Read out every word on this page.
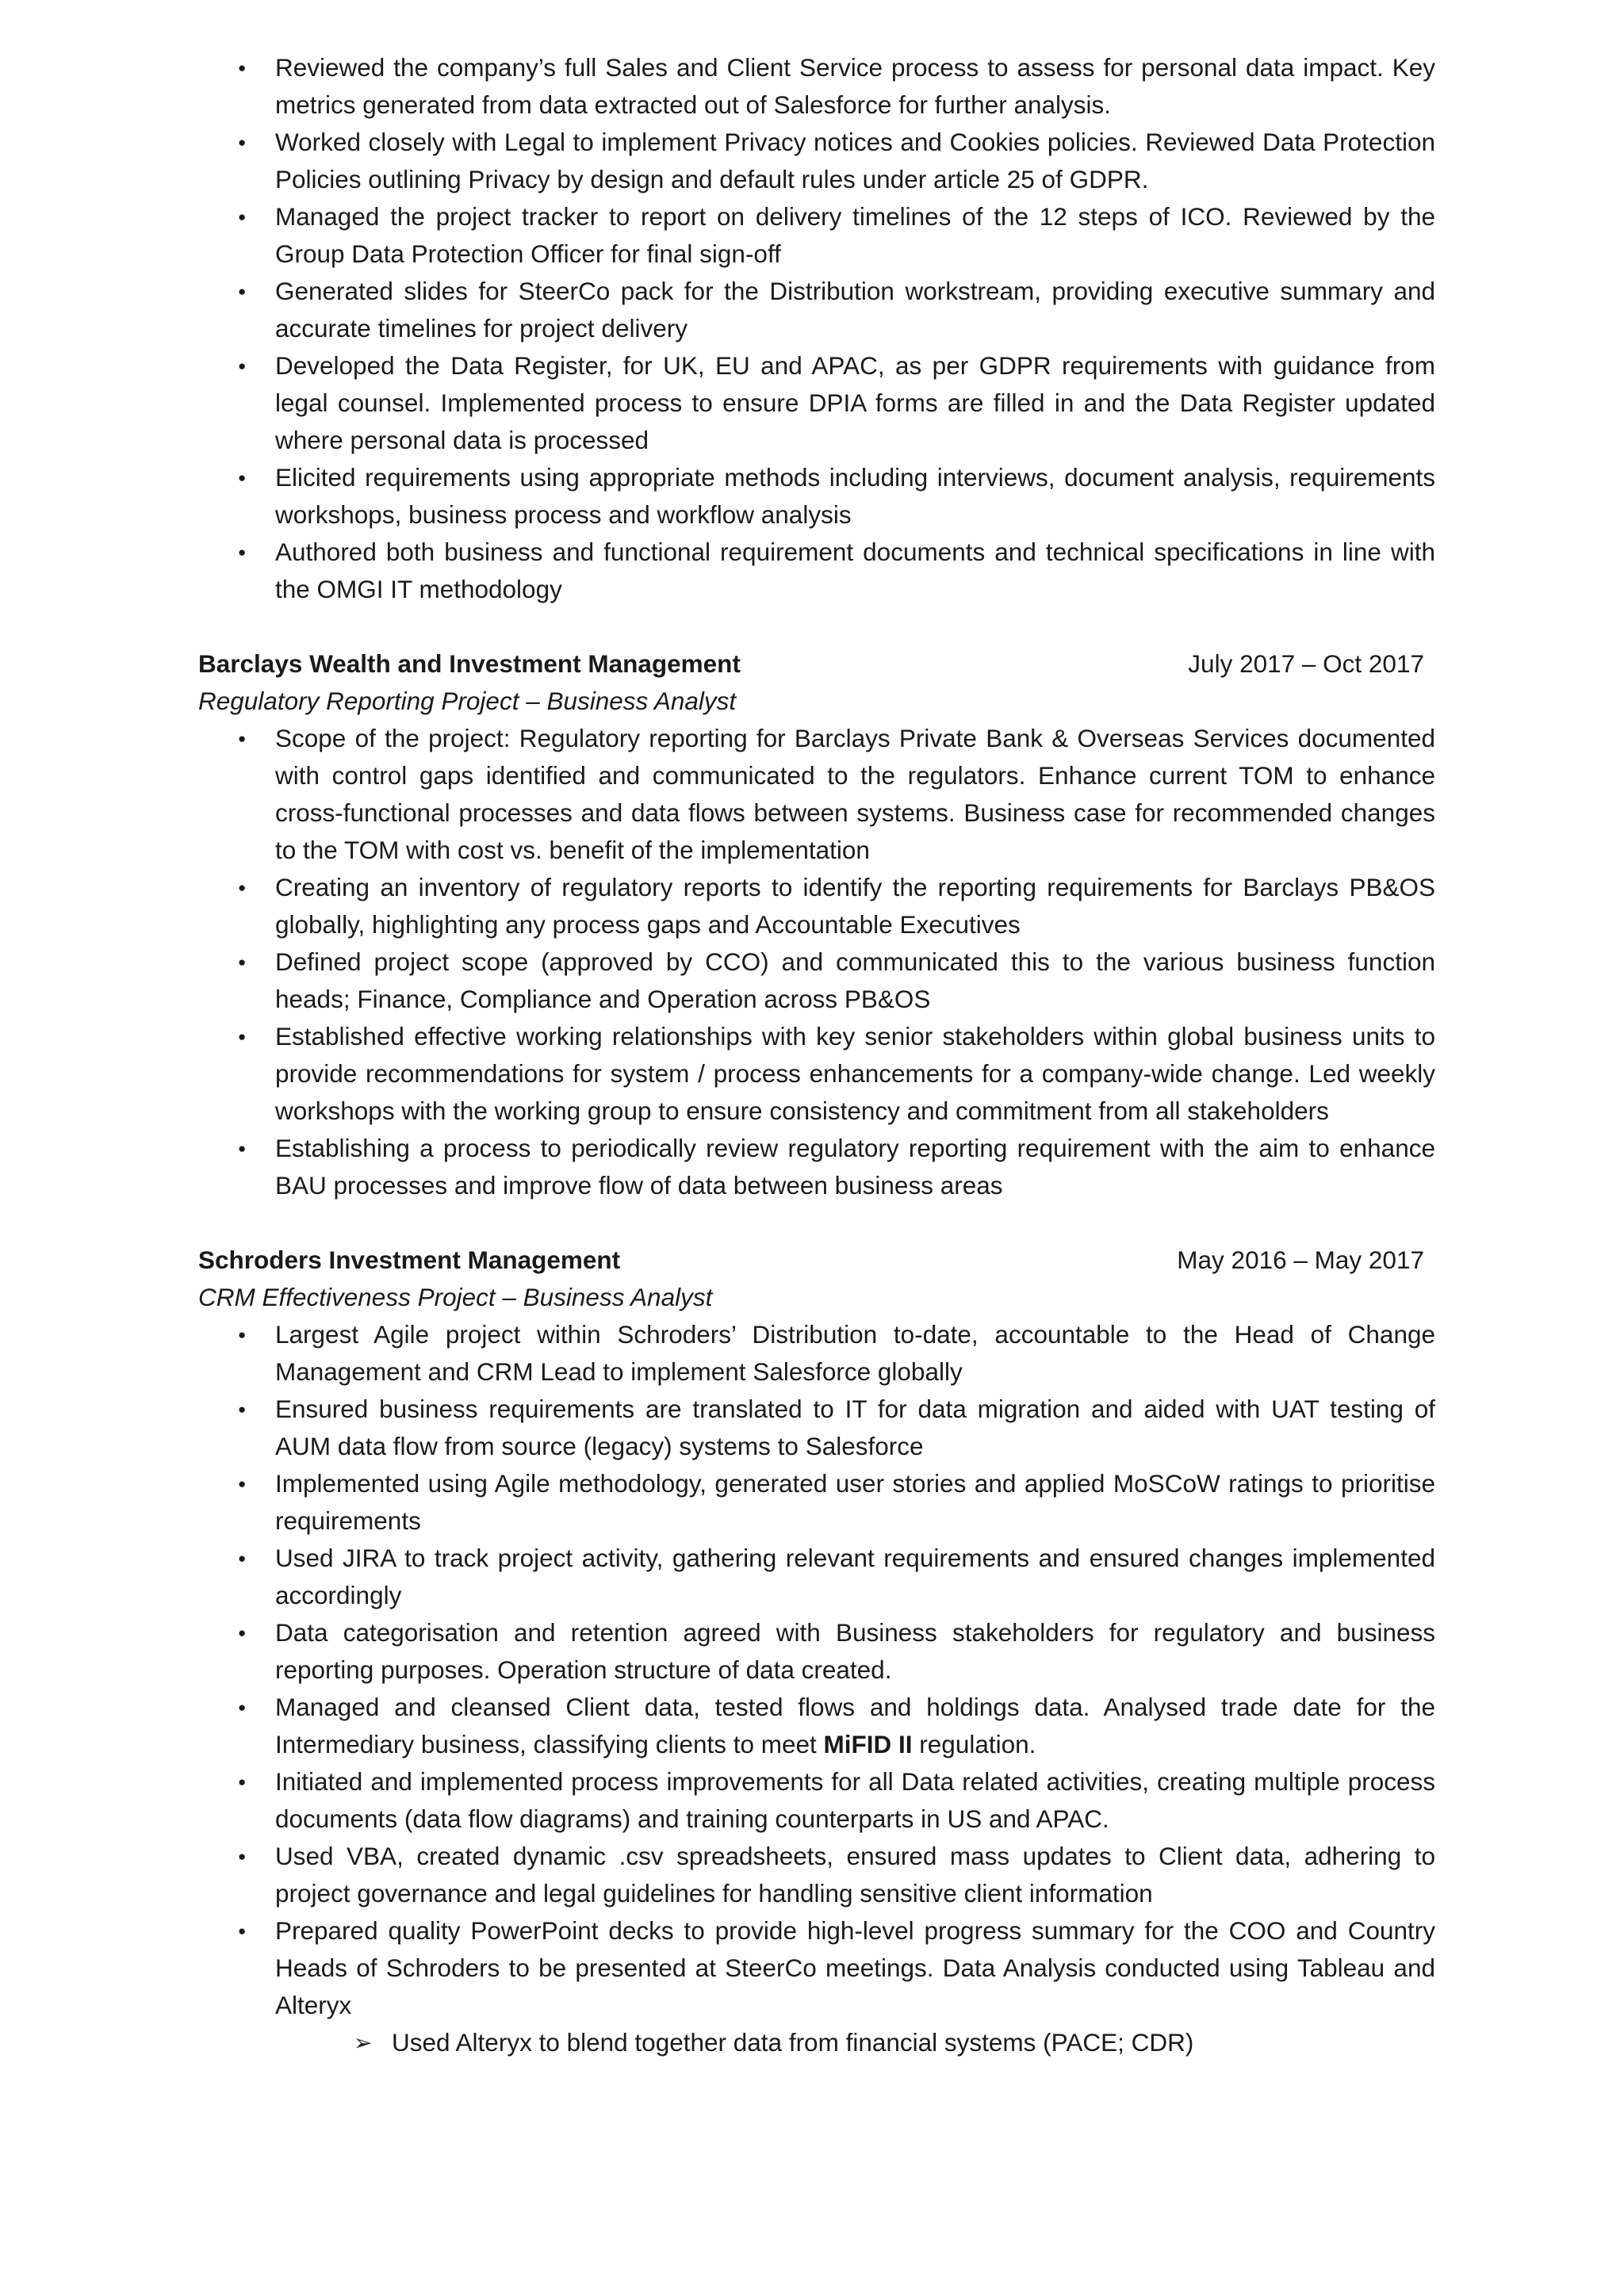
● Reviewed the company’s full Sales and Client Service process to assess for personal data impact. Key metrics generated from data extracted out of Salesforce for further analysis.
● Worked closely with Legal to implement Privacy notices and Cookies policies. Reviewed Data Protection Policies outlining Privacy by design and default rules under article 25 of GDPR.
● Managed the project tracker to report on delivery timelines of the 12 steps of ICO. Reviewed by the Group Data Protection Officer for final sign-off
● Generated slides for SteerCo pack for the Distribution workstream, providing executive summary and accurate timelines for project delivery
● Developed the Data Register, for UK, EU and APAC, as per GDPR requirements with guidance from legal counsel. Implemented process to ensure DPIA forms are filled in and the Data Register updated where personal data is processed
● Elicited requirements using appropriate methods including interviews, document analysis, requirements workshops, business process and workflow analysis
● Authored both business and functional requirement documents and technical specifications in line with the OMGI IT methodology
Barclays Wealth and Investment Management	July 2017 – Oct 2017
Regulatory Reporting Project – Business Analyst
● Scope of the project: Regulatory reporting for Barclays Private Bank & Overseas Services documented with control gaps identified and communicated to the regulators. Enhance current TOM to enhance cross-functional processes and data flows between systems. Business case for recommended changes to the TOM with cost vs. benefit of the implementation
● Creating an inventory of regulatory reports to identify the reporting requirements for Barclays PB&OS globally, highlighting any process gaps and Accountable Executives
● Defined project scope (approved by CCO) and communicated this to the various business function heads; Finance, Compliance and Operation across PB&OS
● Established effective working relationships with key senior stakeholders within global business units to provide recommendations for system / process enhancements for a company-wide change. Led weekly workshops with the working group to ensure consistency and commitment from all stakeholders
● Establishing a process to periodically review regulatory reporting requirement with the aim to enhance BAU processes and improve flow of data between business areas
Schroders Investment Management	May 2016 – May 2017
CRM Effectiveness Project – Business Analyst
● Largest Agile project within Schroders’ Distribution to-date, accountable to the Head of Change Management and CRM Lead to implement Salesforce globally
● Ensured business requirements are translated to IT for data migration and aided with UAT testing of AUM data flow from source (legacy) systems to Salesforce
● Implemented using Agile methodology, generated user stories and applied MoSCoW ratings to prioritise requirements
● Used JIRA to track project activity, gathering relevant requirements and ensured changes implemented accordingly
● Data categorisation and retention agreed with Business stakeholders for regulatory and business reporting purposes. Operation structure of data created.
● Managed and cleansed Client data, tested flows and holdings data. Analysed trade date for the Intermediary business, classifying clients to meet MiFID II regulation.
● Initiated and implemented process improvements for all Data related activities, creating multiple process documents (data flow diagrams) and training counterparts in US and APAC.
● Used VBA, created dynamic .csv spreadsheets, ensured mass updates to Client data, adhering to project governance and legal guidelines for handling sensitive client information
● Prepared quality PowerPoint decks to provide high-level progress summary for the COO and Country Heads of Schroders to be presented at SteerCo meetings. Data Analysis conducted using Tableau and Alteryx
➢ Used Alteryx to blend together data from financial systems (PACE; CDR)
